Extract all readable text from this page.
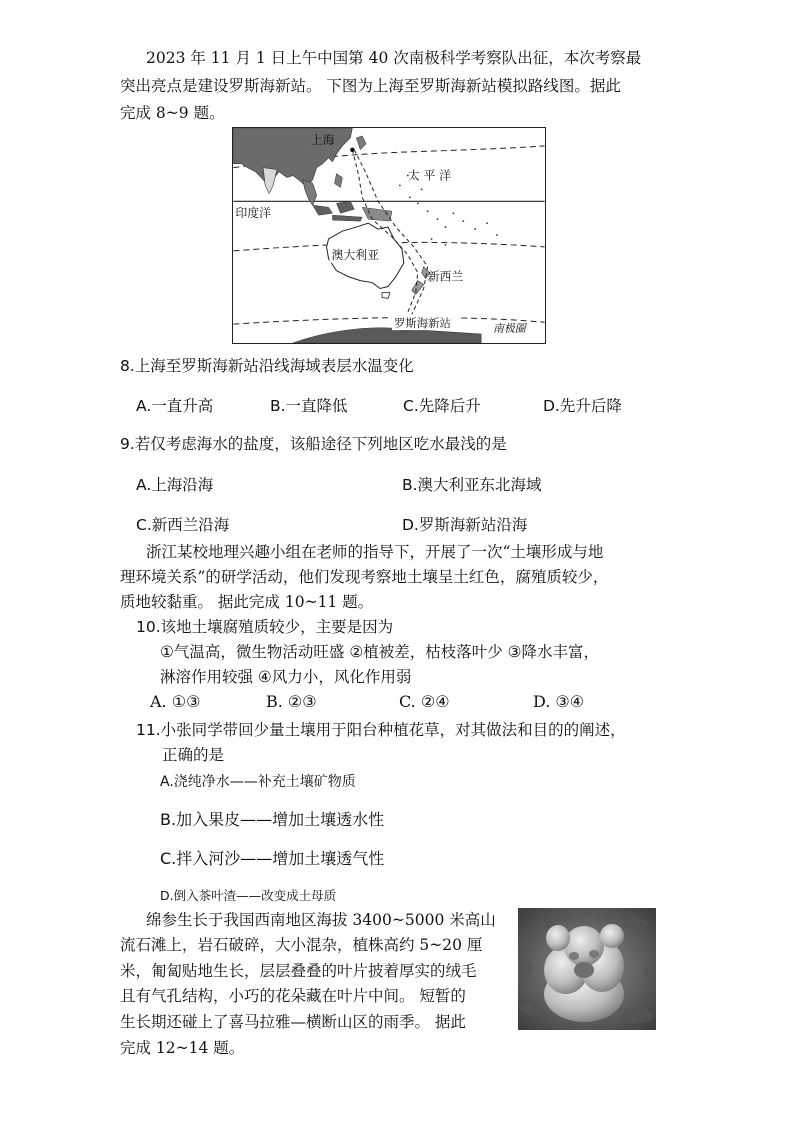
2023 年 11 月 1 日上午中国第 40 次南极科学考察队出征，本次考察最
突出亮点是建设罗斯海新站。 下图为上海至罗斯海新站模拟路线图。据此
完成 8~9 题。
上海
太 平 洋
印度洋
澳大利亚
新西兰
罗斯海新站	南极圈
8.上海至罗斯海新站沿线海域表层水温变化
A.一直升高	B.一直降低	C.先降后升	D.先升后降
9.若仅考虑海水的盐度，该船途径下列地区吃水最浅的是
A.上海沿海	B.澳大利亚东北海域
C.新西兰沿海	D.罗斯海新站沿海
浙江某校地理兴趣小组在老师的指导下，开展了一次“土壤形成与地
理环境关系”的研学活动，他们发现考察地土壤呈土红色，腐殖质较少，
质地较黏重。 据此完成 10~11 题。
10.该地土壤腐殖质较少，主要是因为
①气温高，微生物活动旺盛 ②植被差，枯枝落叶少 ③降水丰富，
淋溶作用较强 ④风力小，风化作用弱
A. ①③	B. ②③	C. ②④	D. ③④
11.小张同学带回少量土壤用于阳台种植花草，对其做法和目的的阐述，
正确的是
A.浇纯净水——补充土壤矿物质
B.加入果皮——增加土壤透水性
C.拌入河沙——增加土壤透气性
D.倒入茶叶渣——改变成土母质
绵参生长于我国西南地区海拔 3400~5000 米高山
流石滩上，岩石破碎，大小混杂，植株高约 5~20 厘
米，匍匐贴地生长，层层叠叠的叶片披着厚实的绒毛
且有气孔结构，小巧的花朵藏在叶片中间。 短暂的
生长期还碰上了喜马拉雅—横断山区的雨季。 据此
完成 12~14 题。
